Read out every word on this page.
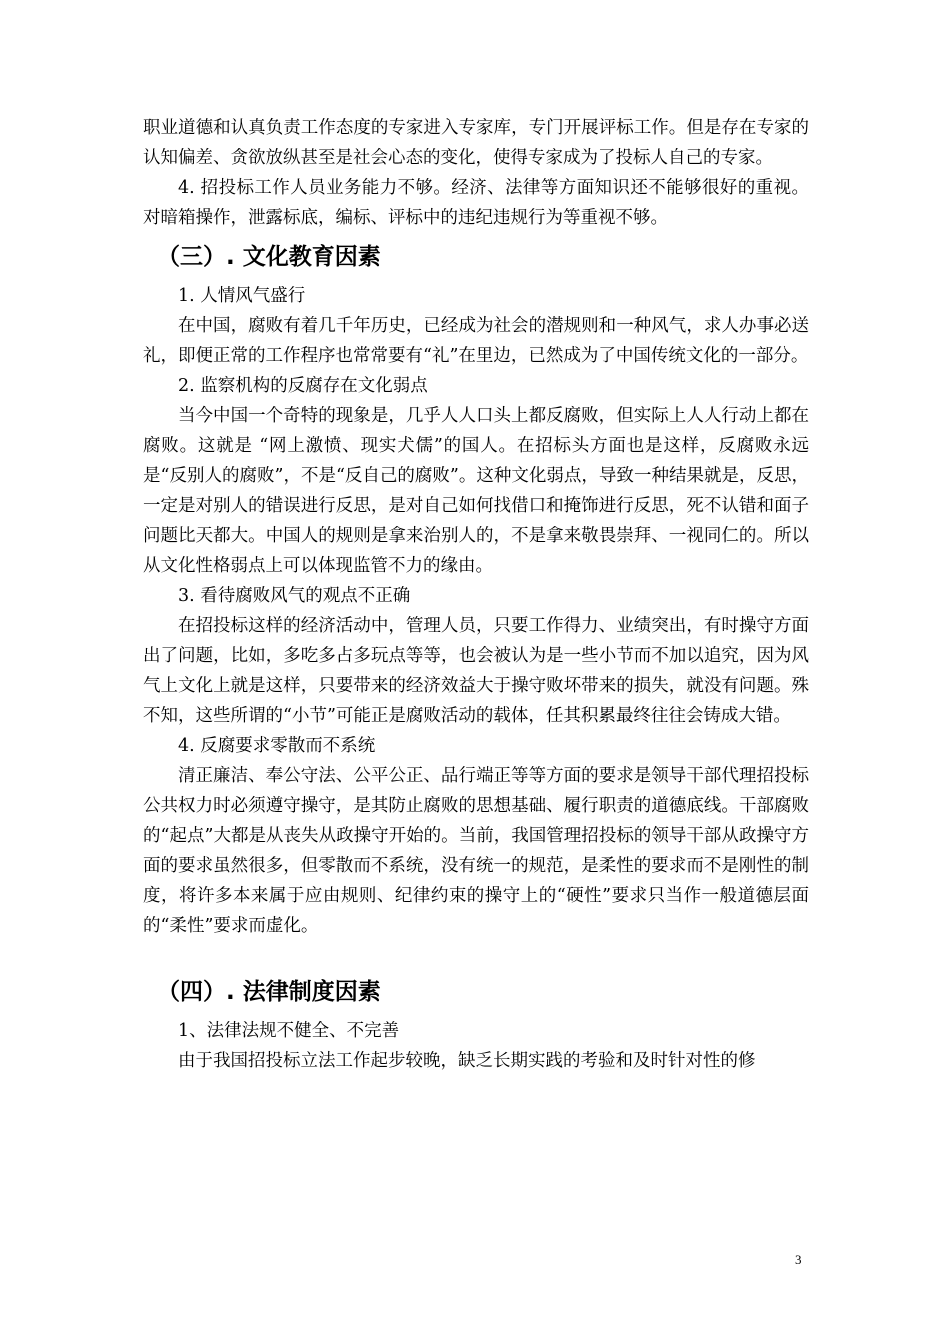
职业道德和认真负责工作态度的专家进入专家库，专门开展评标工作。但是存在专家的认知偏差、贪欲放纵甚至是社会心态的变化，使得专家成为了投标人自己的专家。
4. 招投标工作人员业务能力不够。经济、法律等方面知识还不能够很好的重视。对暗箱操作，泄露标底，编标、评标中的违纪违规行为等重视不够。
（三）. 文化教育因素
1. 人情风气盛行
在中国，腐败有着几千年历史，已经成为社会的潜规则和一种风气，求人办事必送礼，即便正常的工作程序也常常要有“礼”在里边，已然成为了中国传统文化的一部分。
2. 监察机构的反腐存在文化弱点
当今中国一个奇特的现象是，几乎人人口头上都反腐败，但实际上人人行动上都在腐败。这就是 “网上激愤、现实犬儒”的国人。在招标头方面也是这样，反腐败永远是“反别人的腐败”，不是“反自己的腐败”。这种文化弱点，导致一种结果就是，反思，一定是对别人的错误进行反思，是对自己如何找借口和掩饰进行反思，死不认错和面子问题比天都大。中国人的规则是拿来治别人的，不是拿来敬畏崇拜、一视同仁的。所以从文化性格弱点上可以体现监管不力的缘由。
3. 看待腐败风气的观点不正确
在招投标这样的经济活动中，管理人员，只要工作得力、业绩突出，有时操守方面出了问题，比如，多吃多占多玩点等等，也会被认为是一些小节而不加以追究，因为风气上文化上就是这样，只要带来的经济效益大于操守败坏带来的损失，就没有问题。殊不知，这些所谓的“小节”可能正是腐败活动的载体，任其积累最终往往会铸成大错。
4. 反腐要求零散而不系统
清正廉洁、奉公守法、公平公正、品行端正等等方面的要求是领导干部代理招投标公共权力时必须遵守操守，是其防止腐败的思想基础、履行职责的道德底线。干部腐败的“起点”大都是从丧失从政操守开始的。当前，我国管理招投标的领导干部从政操守方面的要求虽然很多，但零散而不系统，没有统一的规范，是柔性的要求而不是刚性的制度，将许多本来属于应由规则、纪律约束的操守上的“硬性”要求只当作一般道德层面的“柔性”要求而虚化。
（四）. 法律制度因素
1、法律法规不健全、不完善
由于我国招投标立法工作起步较晚，缺乏长期实践的考验和及时针对性的修
3
